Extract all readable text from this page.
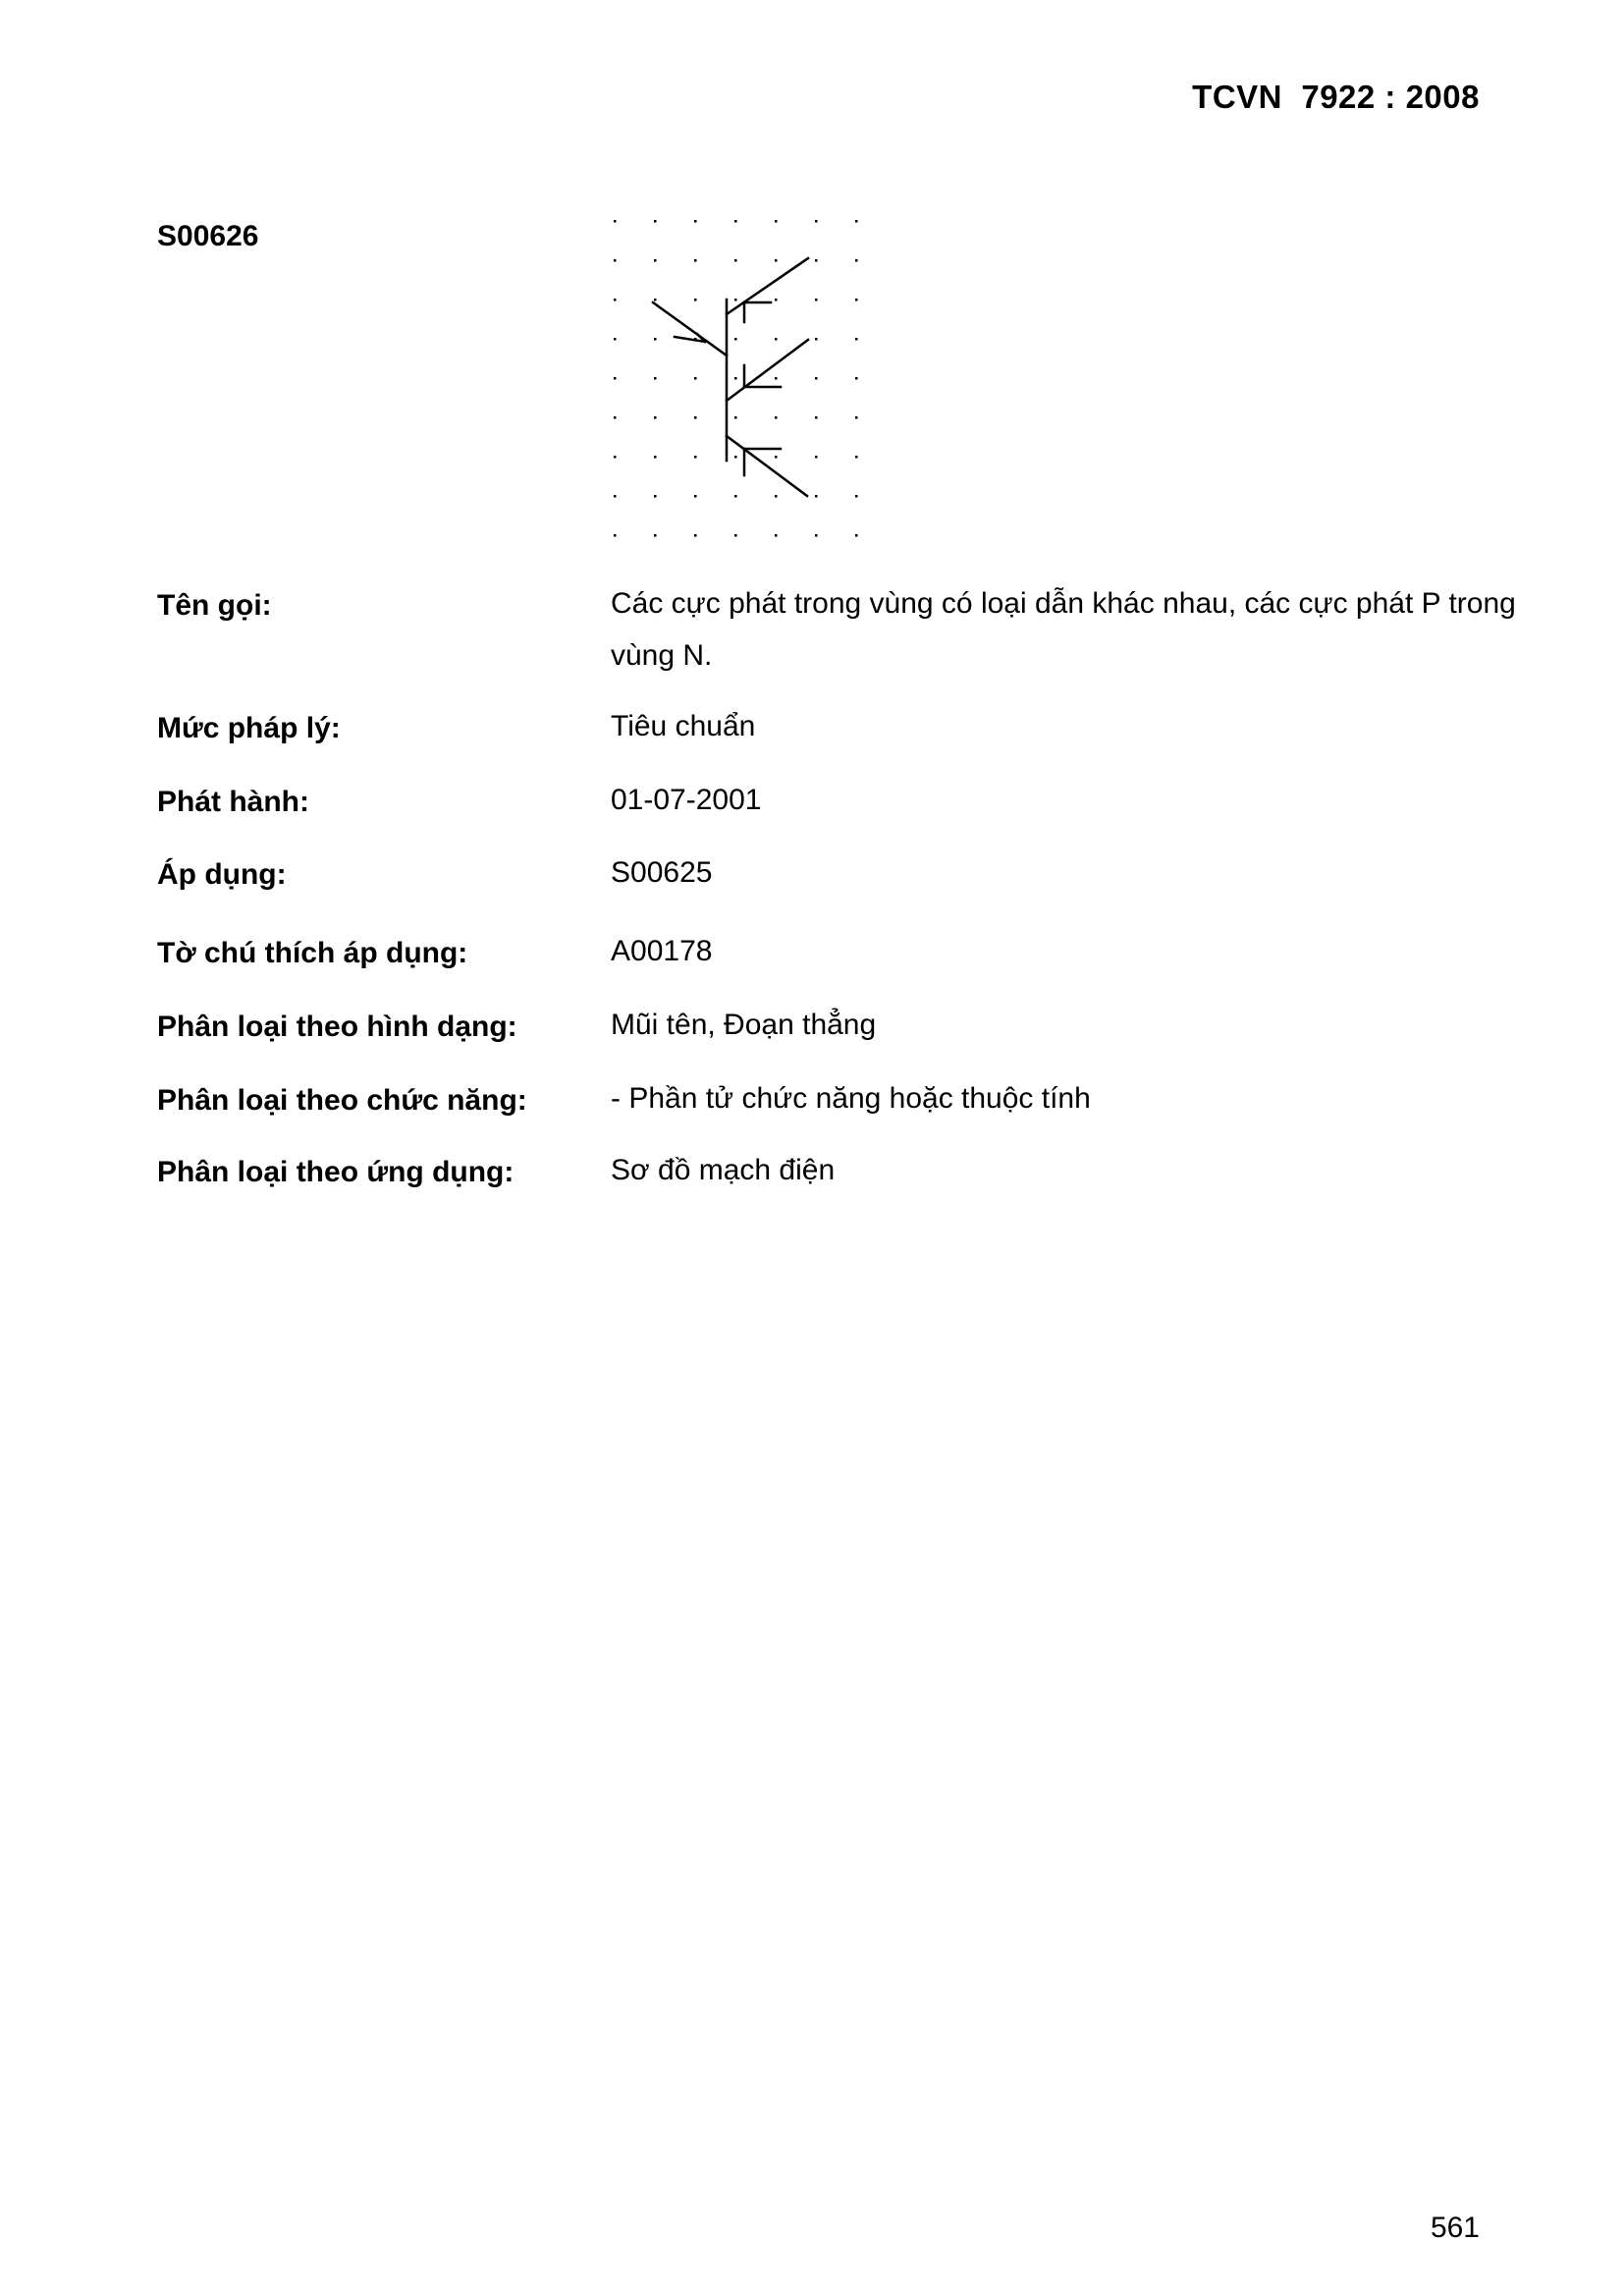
TCVN  7922 : 2008
S00626
Tên gọi:	Các cực phát trong vùng có loại dẫn khác nhau, các cực phát P trong vùng N.
Mức pháp lý:	Tiêu chuẩn
Phát hành:	01-07-2001
Áp dụng:	S00625
Tờ chú thích áp dụng:	A00178
Phân loại theo hình dạng:	Mũi tên, Đoạn thẳng
Phân loại theo chức năng:	- Phần tử chức năng hoặc thuộc tính
Phân loại theo ứng dụng:	Sơ đồ mạch điện
561
